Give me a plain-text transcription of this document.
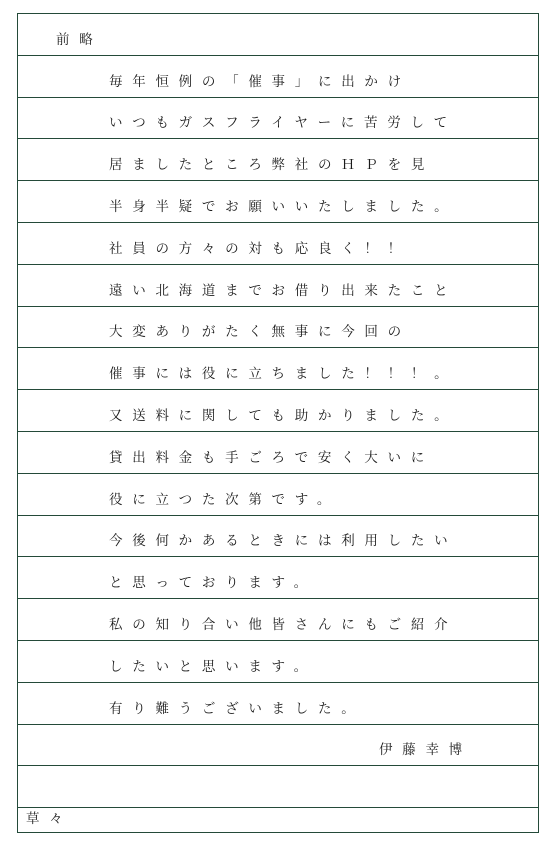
前略
毎年恒例の「催事」に出かけ
いつもガスフライヤーに苦労して
居ましたところ弊社のＨＰを見
半身半疑でお願いいたしました。
社員の方々の対も応良く！！
遠い北海道までお借り出来たこと
大変ありがたく無事に今回の
催事には役に立ちました！！！。
又送料に関しても助かりました。
貸出料金も手ごろで安く大いに
役に立つた次第です。
今後何かあるときには利用したい
と思っております。
私の知り合い他皆さんにもご紹介
したいと思います。
有り難うございました。
伊藤幸博
草々
